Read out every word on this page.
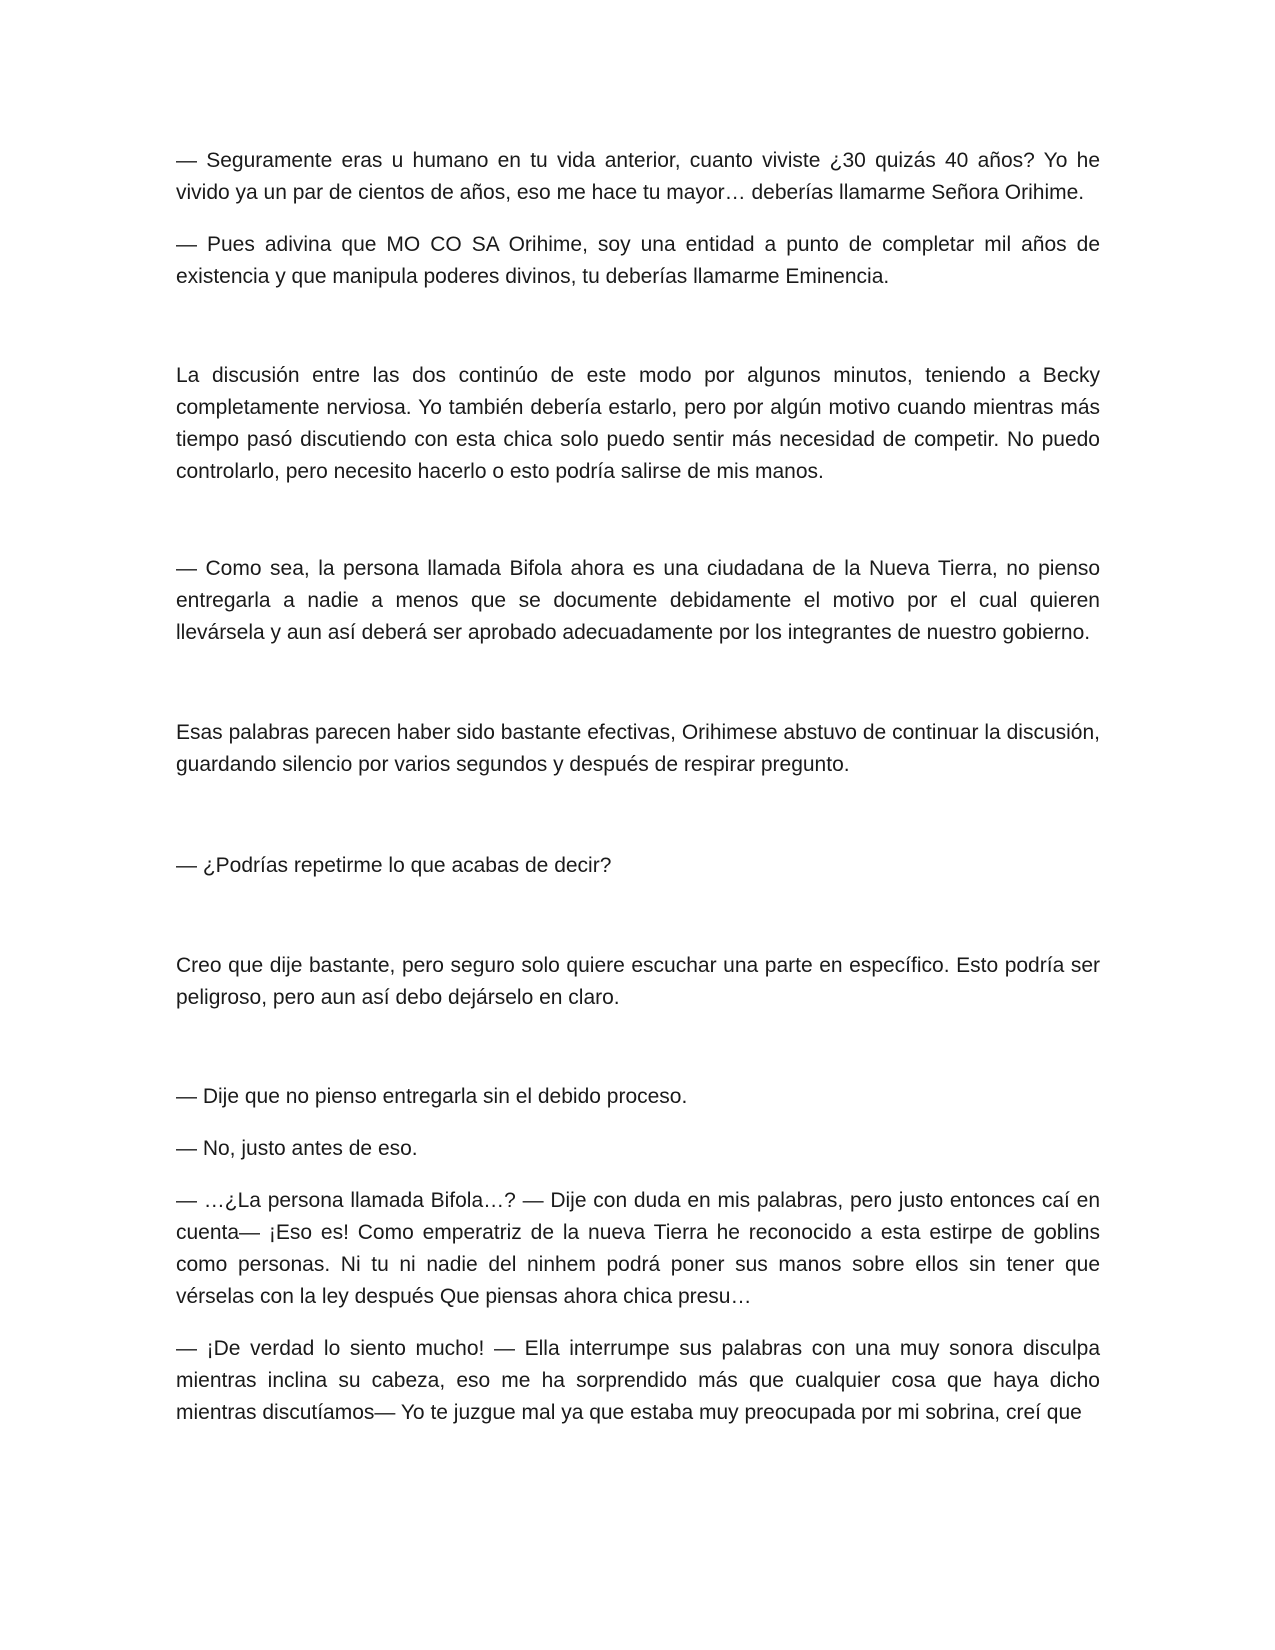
— Seguramente eras u humano en tu vida anterior, cuanto viviste ¿30 quizás 40 años? Yo he vivido ya un par de cientos de años, eso me hace tu mayor… deberías llamarme Señora Orihime.

— Pues adivina que MO CO SA Orihime, soy una entidad a punto de completar mil años de existencia y que manipula poderes divinos, tu deberías llamarme Eminencia.

La discusión entre las dos continúo de este modo por algunos minutos, teniendo a Becky completamente nerviosa. Yo también debería estarlo, pero por algún motivo cuando mientras más tiempo pasó discutiendo con esta chica solo puedo sentir más necesidad de competir. No puedo controlarlo, pero necesito hacerlo o esto podría salirse de mis manos.

— Como sea, la persona llamada Bifola ahora es una ciudadana de la Nueva Tierra, no pienso entregarla a nadie a menos que se documente debidamente el motivo por el cual quieren llevársela y aun así deberá ser aprobado adecuadamente por los integrantes de nuestro gobierno.

Esas palabras parecen haber sido bastante efectivas, Orihimese abstuvo de continuar la discusión, guardando silencio por varios segundos y después de respirar pregunto.

— ¿Podrías repetirme lo que acabas de decir?

Creo que dije bastante, pero seguro solo quiere escuchar una parte en específico. Esto podría ser peligroso, pero aun así debo dejárselo en claro.

— Dije que no pienso entregarla sin el debido proceso.

— No, justo antes de eso.

— …¿La persona llamada Bifola…? — Dije con duda en mis palabras, pero justo entonces caí en cuenta— ¡Eso es! Como emperatriz de la nueva Tierra he reconocido a esta estirpe de goblins como personas. Ni tu ni nadie del ninhem podrá poner sus manos sobre ellos sin tener que vérselas con la ley después Que piensas ahora chica presu…

— ¡De verdad lo siento mucho! — Ella interrumpe sus palabras con una muy sonora disculpa mientras inclina su cabeza, eso me ha sorprendido más que cualquier cosa que haya dicho mientras discutíamos— Yo te juzgue mal ya que estaba muy preocupada por mi sobrina, creí que
